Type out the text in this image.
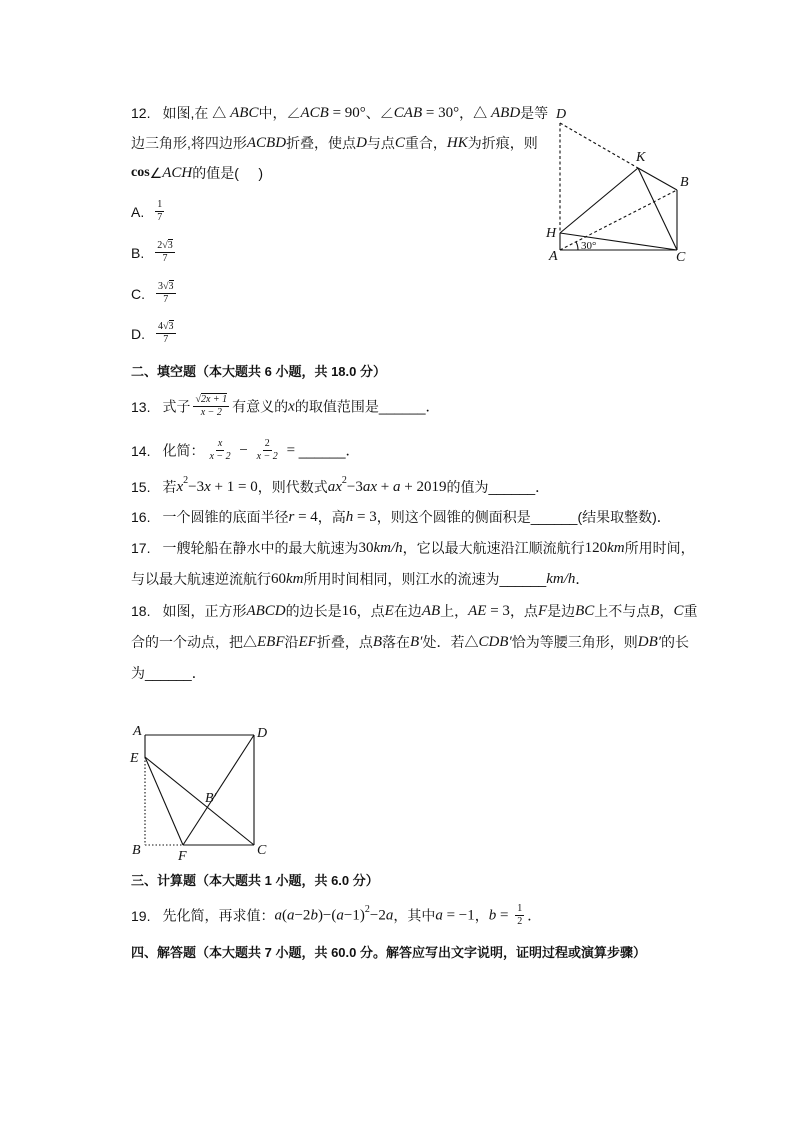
12. 如图,在 △ ABC中，∠ACB = 90°、∠CAB = 30°，△ ABD是等
边三角形,将四边形ACBD折叠，使点D与点C重合，HK为折痕，则
cos∠ACH的值是(     )
A. $\frac{1}{7}$
B. $\frac{2√3}{7}$
C. $\frac{3√3}{7}$
D. $\frac{4√3}{7}$
D
K
B
H
A	C
30°
二、填空题（本大题共 6 小题，共 18.0 分）
13. 式子 $\frac{√2x + 1}{x - 2}$ 有意义的x的取值范围是______．
14. 化简： $\frac{x}{x - 2} - \frac{2}{x - 2}$ = ______．
15. 若$x^2-3x + 1 = 0$，则代数式$ax^2-3ax + a + 2019$的值为______．
16. 一个圆锥的底面半径r = 4，高h = 3，则这个圆锥的侧面积是______(结果取整数)．
17. 一艘轮船在静水中的最大航速为30km/h，它以最大航速沿江顺流航行120km所用时间，
与以最大航速逆流航行60km所用时间相同，则江水的流速为______km/h．
18. 如图，正方形ABCD的边长是16，点E在边AB上，AE = 3，点F是边BC上不与点B，C重
合的一个动点，把△EBF沿EF折叠，点B落在B′处．若△CDB′恰为等腰三角形，则DB′的长
为______．
A	D
E
B′
B	F	C
三、计算题（本大题共 1 小题，共 6.0 分）
19. 先化简，再求值：$a(a-2b)-(a-1)^2-2a$，其中a = −1，$b = \frac{1}{2}$ ．
四、解答题（本大题共 7 小题，共 60.0 分。解答应写出文字说明，证明过程或演算步骤）
